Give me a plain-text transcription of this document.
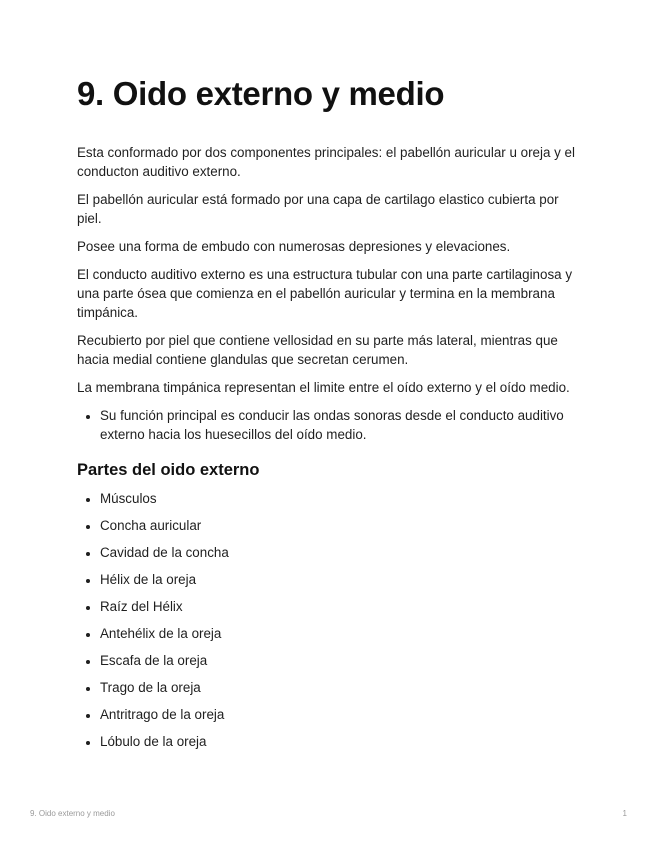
9. Oido externo y medio

Esta conformado por dos componentes principales: el pabellón auricular u oreja y el conducton auditivo externo.

El pabellón auricular está formado por una capa de cartilago elastico cubierta por piel.

Posee una forma de embudo con numerosas depresiones y elevaciones.

El conducto auditivo externo es una estructura tubular con una parte cartilaginosa y una parte ósea que comienza en el pabellón auricular y termina en la membrana timpánica.

Recubierto por piel que contiene vellosidad en su parte más lateral, mientras que hacia medial contiene glandulas que secretan cerumen.

La membrana timpánica representan el limite entre el oído externo y el oído medio.

• Su función principal es conducir las ondas sonoras desde el conducto auditivo externo hacia los huesecillos del oído medio.
Partes del oido externo
• Músculos
• Concha auricular
• Cavidad de la concha
• Hélix de la oreja
• Raíz del Hélix
• Antehélix de la oreja
• Escafa de la oreja
• Trago de la oreja
• Antritrago de la oreja
• Lóbulo de la oreja
9. Oido externo y medio	1
